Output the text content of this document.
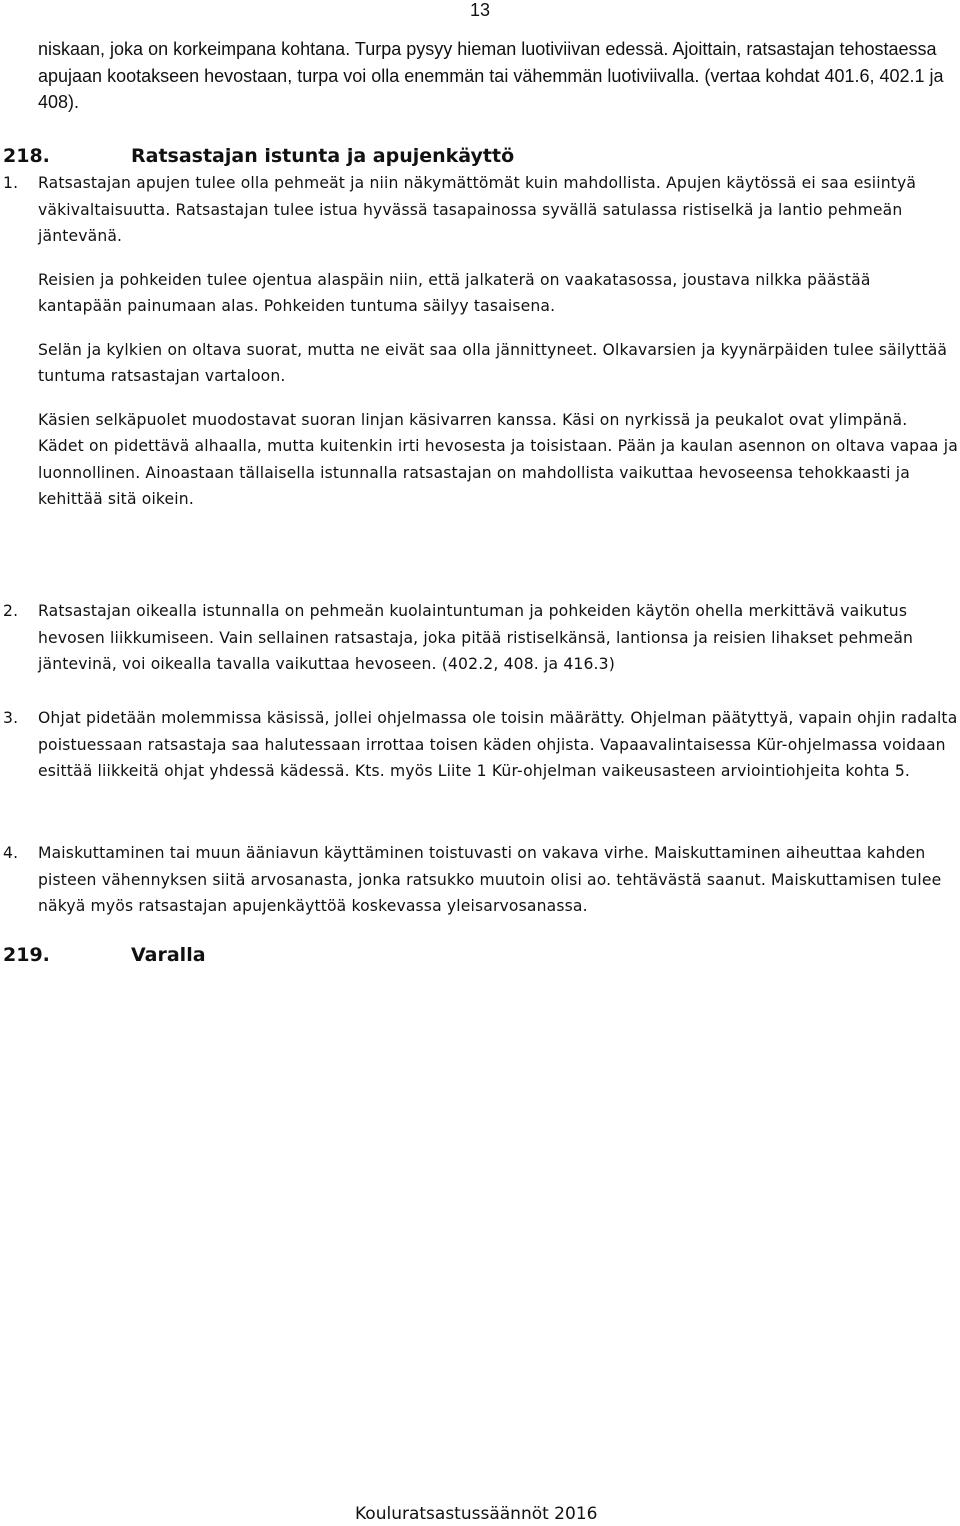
13
niskaan, joka on korkeimpana kohtana. Turpa pysyy hieman luotiviivan edessä. Ajoittain, ratsastajan tehostaessa apujaan kootakseen hevostaan, turpa voi olla enemmän tai vähemmän luotiviivalla. (vertaa kohdat 401.6, 402.1 ja 408).
218.	Ratsastajan istunta ja apujenkäyttö
1. Ratsastajan apujen tulee olla pehmeät ja niin näkymättömät kuin mahdollista. Apujen käytössä ei saa esiintyä väkivaltaisuutta. Ratsastajan tulee istua hyvässä tasapainossa syvällä satulassa ristiselkä ja lantio pehmeän jäntevänä.

Reisien ja pohkeiden tulee ojentua alaspäin niin, että jalkaterä on vaakatasossa, joustava nilkka päästää kantapään painumaan alas. Pohkeiden tuntuma säilyy tasaisena.

Selän ja kylkien on oltava suorat, mutta ne eivät saa olla jännittyneet. Olkavarsien ja kyynärpäiden tulee säilyttää tuntuma ratsastajan vartaloon.

Käsien selkäpuolet muodostavat suoran linjan käsivarren kanssa. Käsi on nyrkissä ja peukalot ovat ylimpänä. Kädet on pidettävä alhaalla, mutta kuitenkin irti hevosesta ja toisistaan. Pään ja kaulan asennon on oltava vapaa ja luonnollinen. Ainoastaan tällaisella istunnalla ratsastajan on mahdollista vaikuttaa hevoseensa tehokkaasti ja kehittää sitä oikein.

2. Ratsastajan oikealla istunnalla on pehmeän kuolaintuntuman ja pohkeiden käytön ohella merkittävä vaikutus hevosen liikkumiseen. Vain sellainen ratsastaja, joka pitää ristiselkänsä, lantionsa ja reisien lihakset pehmeän jäntevinä, voi oikealla tavalla vaikuttaa hevoseen. (402.2, 408. ja 416.3)

3. Ohjat pidetään molemmissa käsissä, jollei ohjelmassa ole toisin määrätty. Ohjelman päätyttyä, vapain ohjin radalta poistuessaan ratsastaja saa halutessaan irrottaa toisen käden ohjista. Vapaavalintaisessa Kür-ohjelmassa voidaan esittää liikkeitä ohjat yhdessä kädessä. Kts. myös Liite 1 Kür-ohjelman vaikeusasteen arviointiohjeita kohta 5.

4. Maiskuttaminen tai muun ääniavun käyttäminen toistuvasti on vakava virhe. Maiskuttaminen aiheuttaa kahden pisteen vähennyksen siitä arvosanasta, jonka ratsukko muutoin olisi ao. tehtävästä saanut. Maiskuttamisen tulee näkyä myös ratsastajan apujenkäyttöä koskevassa yleisarvosanassa.

219.	Varalla
Kouluratsastussäännöt 2016
